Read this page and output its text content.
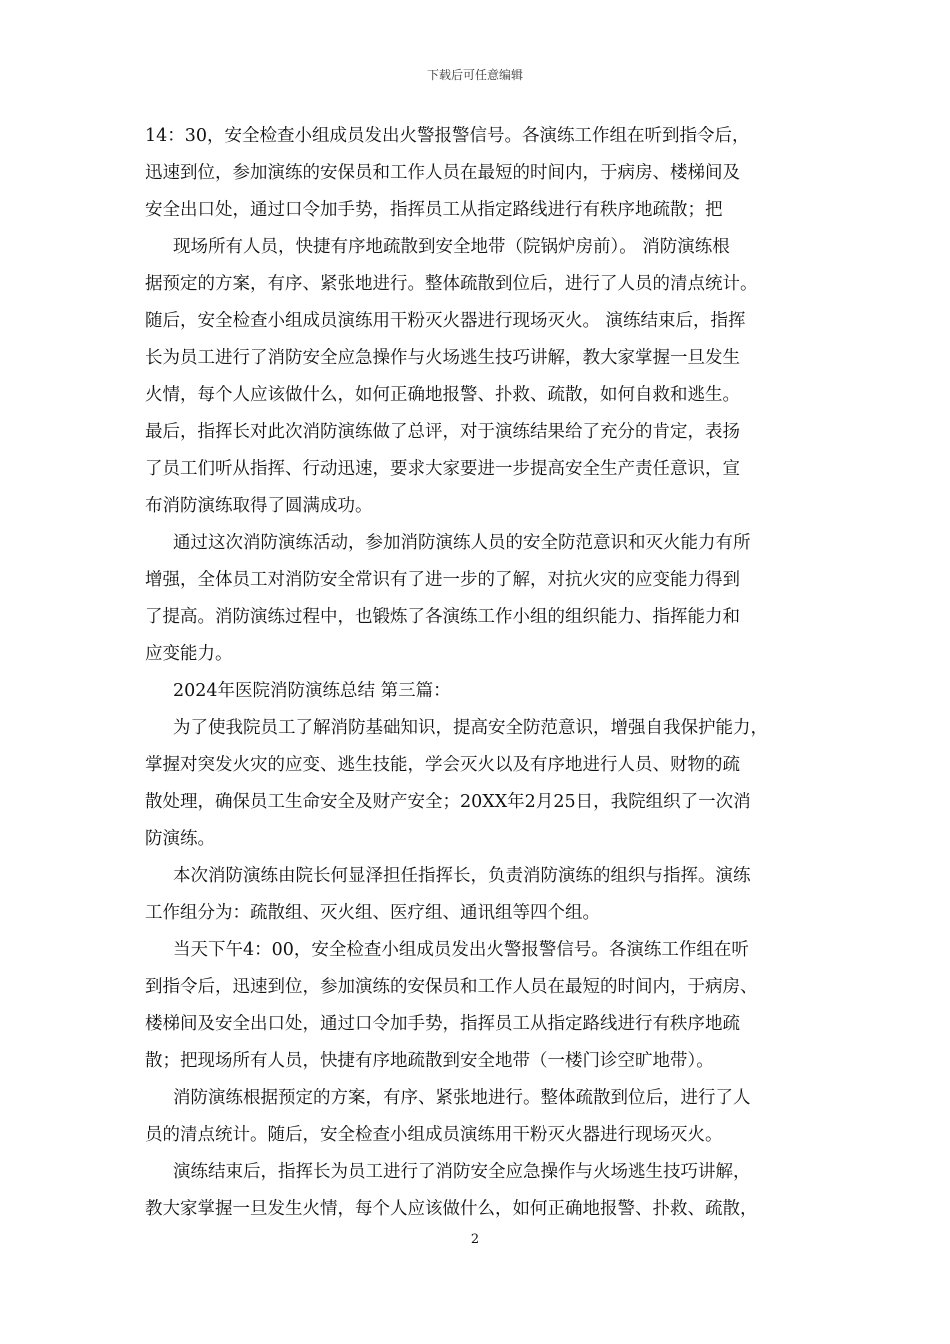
下载后可任意编辑
14：30，安全检查小组成员发出火警报警信号。各演练工作组在听到指令后，
迅速到位，参加演练的安保员和工作人员在最短的时间内，于病房、楼梯间及
安全出口处，通过口令加手势，指挥员工从指定路线进行有秩序地疏散；把
现场所有人员，快捷有序地疏散到安全地带（院锅炉房前）。 消防演练根
据预定的方案，有序、紧张地进行。整体疏散到位后，进行了人员的清点统计。
随后，安全检查小组成员演练用干粉灭火器进行现场灭火。 演练结束后，指挥
长为员工进行了消防安全应急操作与火场逃生技巧讲解，教大家掌握一旦发生
火情，每个人应该做什么，如何正确地报警、扑救、疏散，如何自救和逃生。
最后，指挥长对此次消防演练做了总评，对于演练结果给了充分的肯定，表扬
了员工们听从指挥、行动迅速，要求大家要进一步提高安全生产责任意识，宣
布消防演练取得了圆满成功。
通过这次消防演练活动，参加消防演练人员的安全防范意识和灭火能力有所
增强，全体员工对消防安全常识有了进一步的了解，对抗火灾的应变能力得到
了提高。消防演练过程中，也锻炼了各演练工作小组的组织能力、指挥能力和
应变能力。
2024年医院消防演练总结 第三篇：
为了使我院员工了解消防基础知识，提高安全防范意识，增强自我保护能力，
掌握对突发火灾的应变、逃生技能，学会灭火以及有序地进行人员、财物的疏
散处理，确保员工生命安全及财产安全；20XX年2月25日，我院组织了一次消
防演练。
本次消防演练由院长何显泽担任指挥长，负责消防演练的组织与指挥。演练
工作组分为：疏散组、灭火组、医疗组、通讯组等四个组。
当天下午4：00，安全检查小组成员发出火警报警信号。各演练工作组在听
到指令后，迅速到位，参加演练的安保员和工作人员在最短的时间内，于病房、
楼梯间及安全出口处，通过口令加手势，指挥员工从指定路线进行有秩序地疏
散；把现场所有人员，快捷有序地疏散到安全地带（一楼门诊空旷地带）。
消防演练根据预定的方案，有序、紧张地进行。整体疏散到位后，进行了人
员的清点统计。随后，安全检查小组成员演练用干粉灭火器进行现场灭火。
演练结束后，指挥长为员工进行了消防安全应急操作与火场逃生技巧讲解，
教大家掌握一旦发生火情，每个人应该做什么，如何正确地报警、扑救、疏散，
2
